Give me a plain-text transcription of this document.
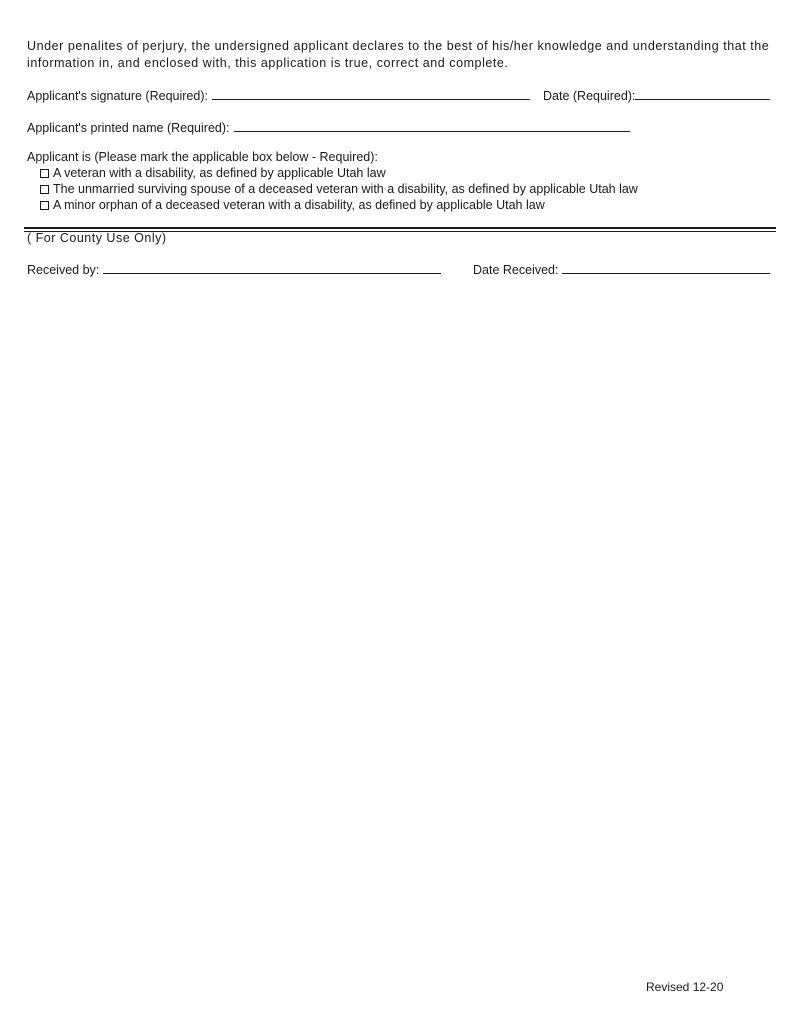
Under penalites of perjury, the undersigned applicant declares to the best of his/her knowledge and understanding that the information in, and enclosed with, this application is true, correct and complete.
Applicant's signature (Required):	Date (Required):
Applicant's printed name (Required):
Applicant is (Please mark the applicable box below - Required):
A veteran with a disability, as defined by applicable Utah law
The unmarried surviving spouse of a deceased veteran with a disability, as defined by applicable Utah law
A minor orphan of a deceased veteran with a disability, as defined by applicable Utah law
( For County Use Only)
Received by:	Date Received:
Revised 12-20
